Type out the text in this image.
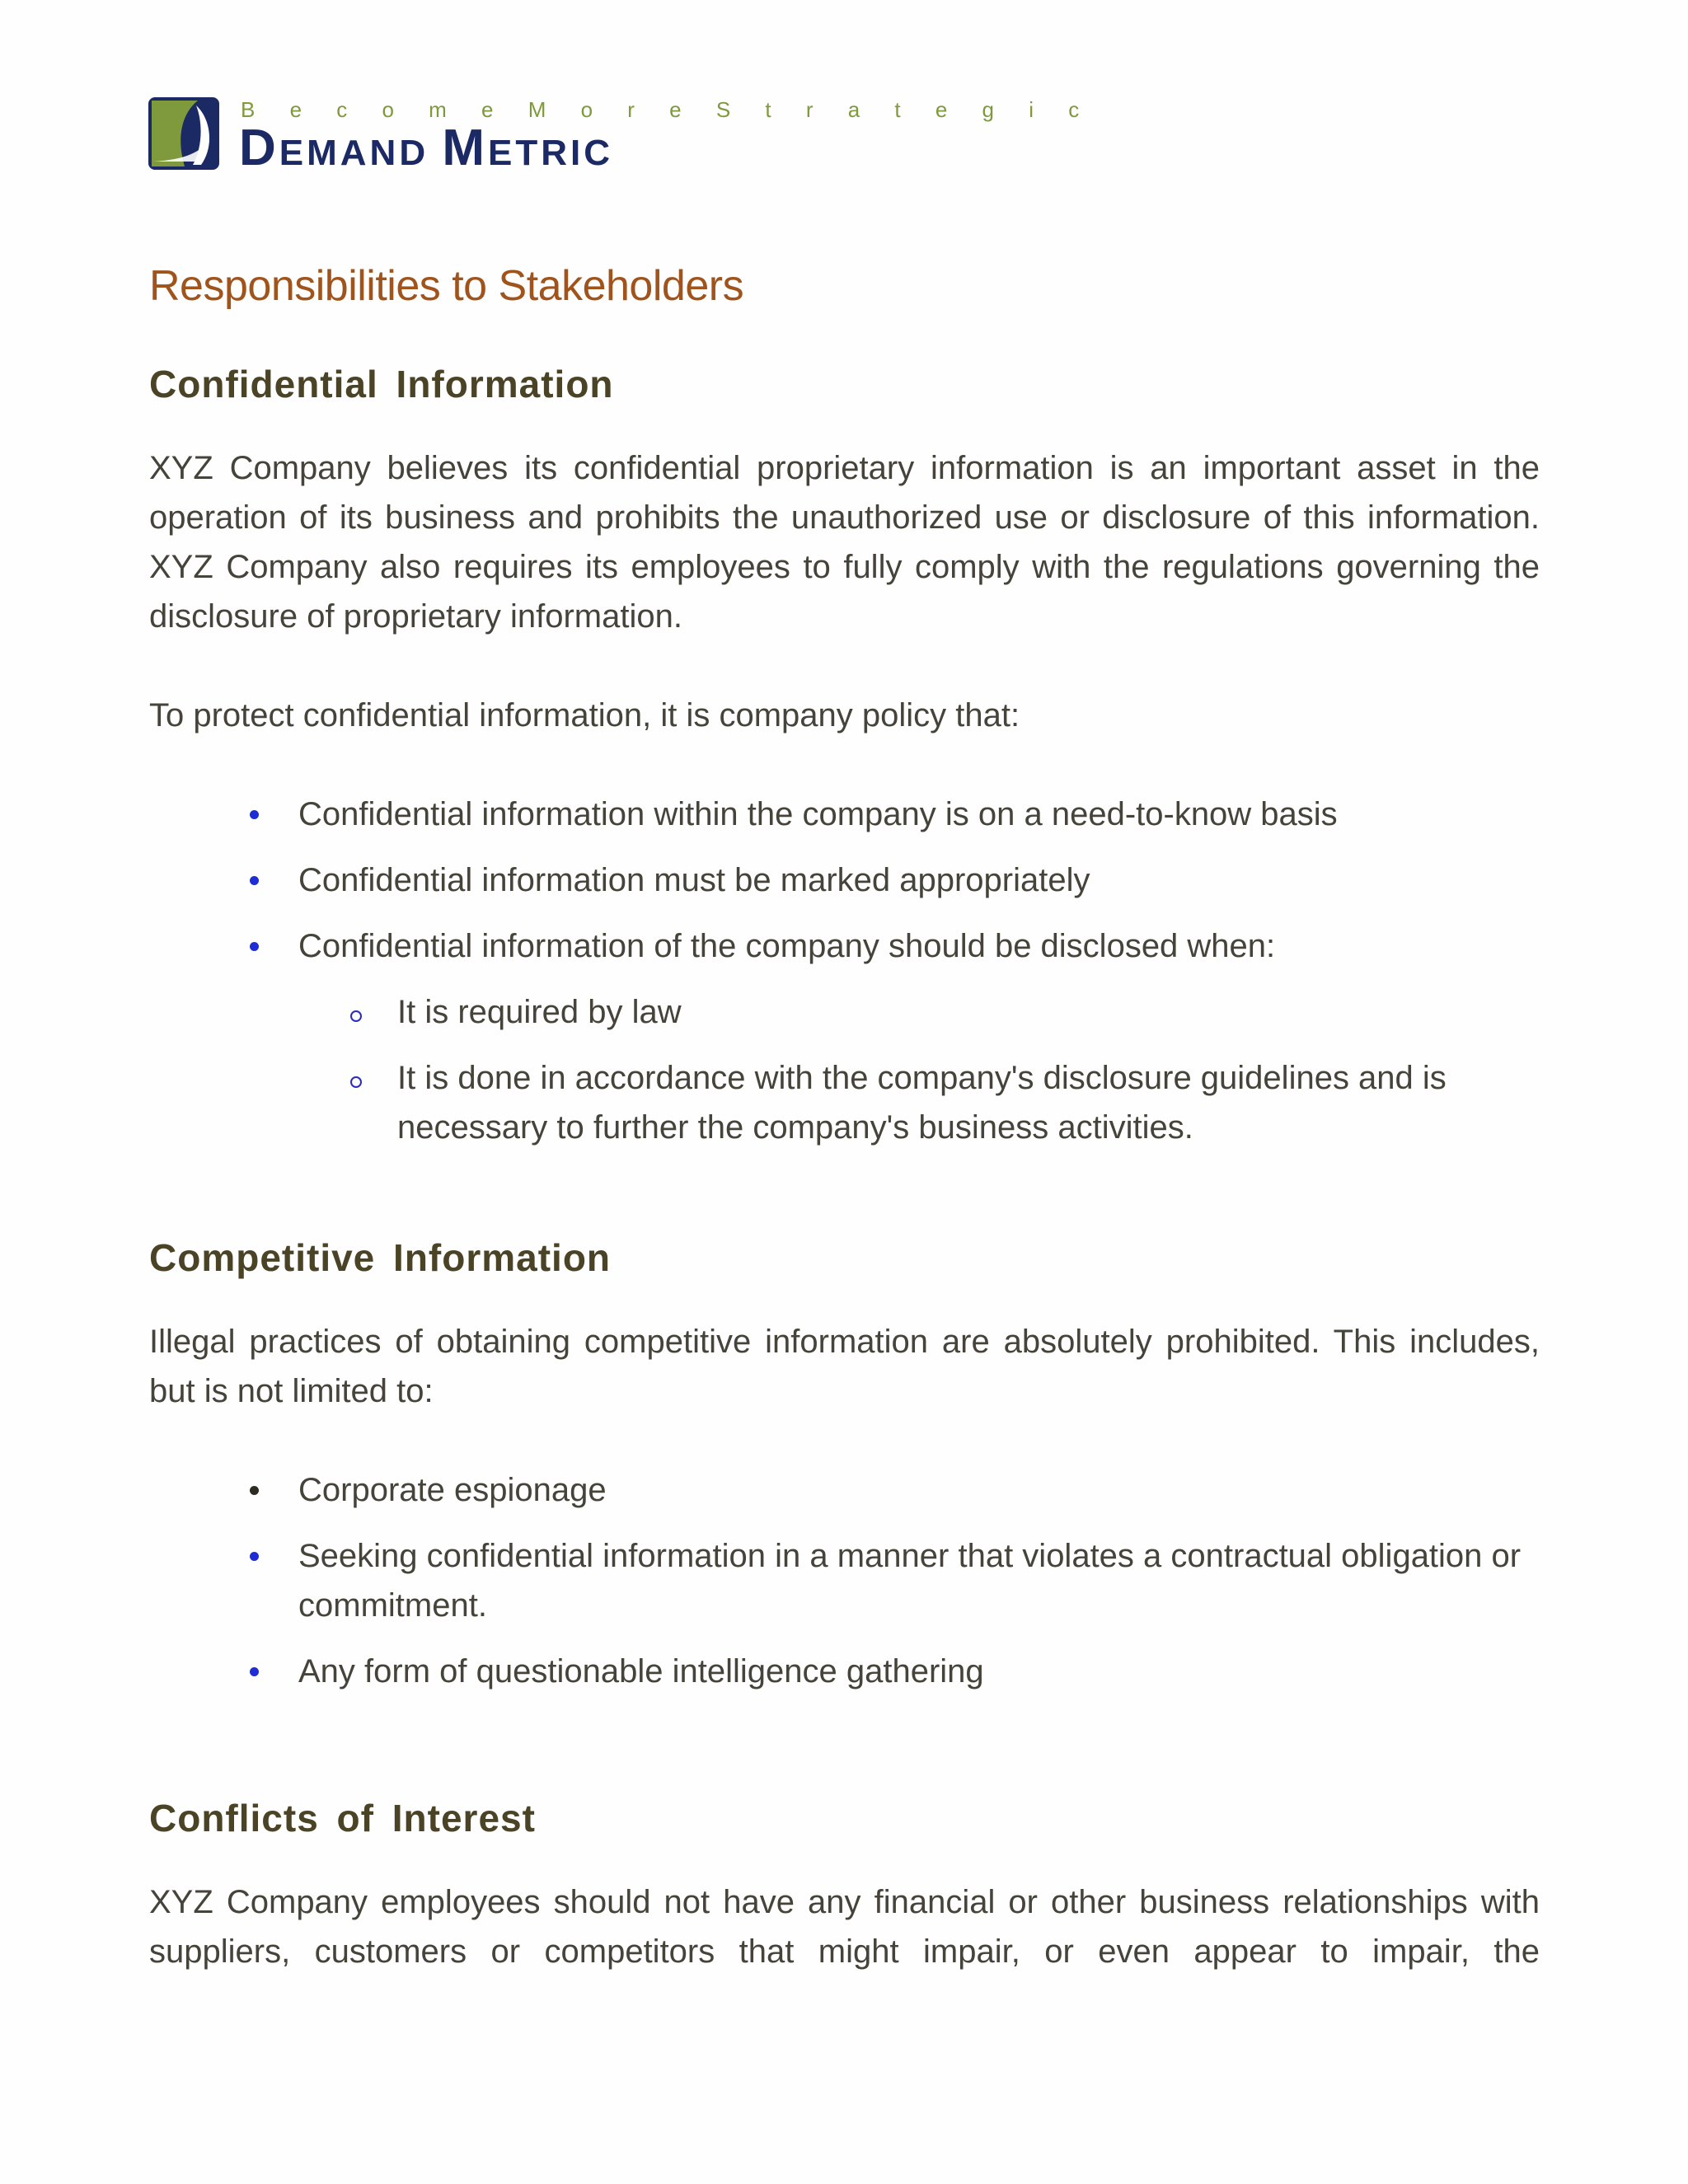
B e c o m e M o r e S t r a t e g i c
DEMAND METRIC
Responsibilities to Stakeholders
Confidential Information

XYZ Company believes its confidential proprietary information is an important asset in the operation of its business and prohibits the unauthorized use or disclosure of this information. XYZ Company also requires its employees to fully comply with the regulations governing the disclosure of proprietary information.

To protect confidential information, it is company policy that:

Confidential information within the company is on a need-to-know basis
Confidential information must be marked appropriately
Confidential information of the company should be disclosed when:
It is required by law
It is done in accordance with the company's disclosure guidelines and is necessary to further the company's business activities.
Competitive Information

Illegal practices of obtaining competitive information are absolutely prohibited. This includes, but is not limited to:

Corporate espionage
Seeking confidential information in a manner that violates a contractual obligation or commitment.
Any form of questionable intelligence gathering
Conflicts of Interest

XYZ Company employees should not have any financial or other business relationships with suppliers, customers or competitors that might impair, or even appear to impair, the
